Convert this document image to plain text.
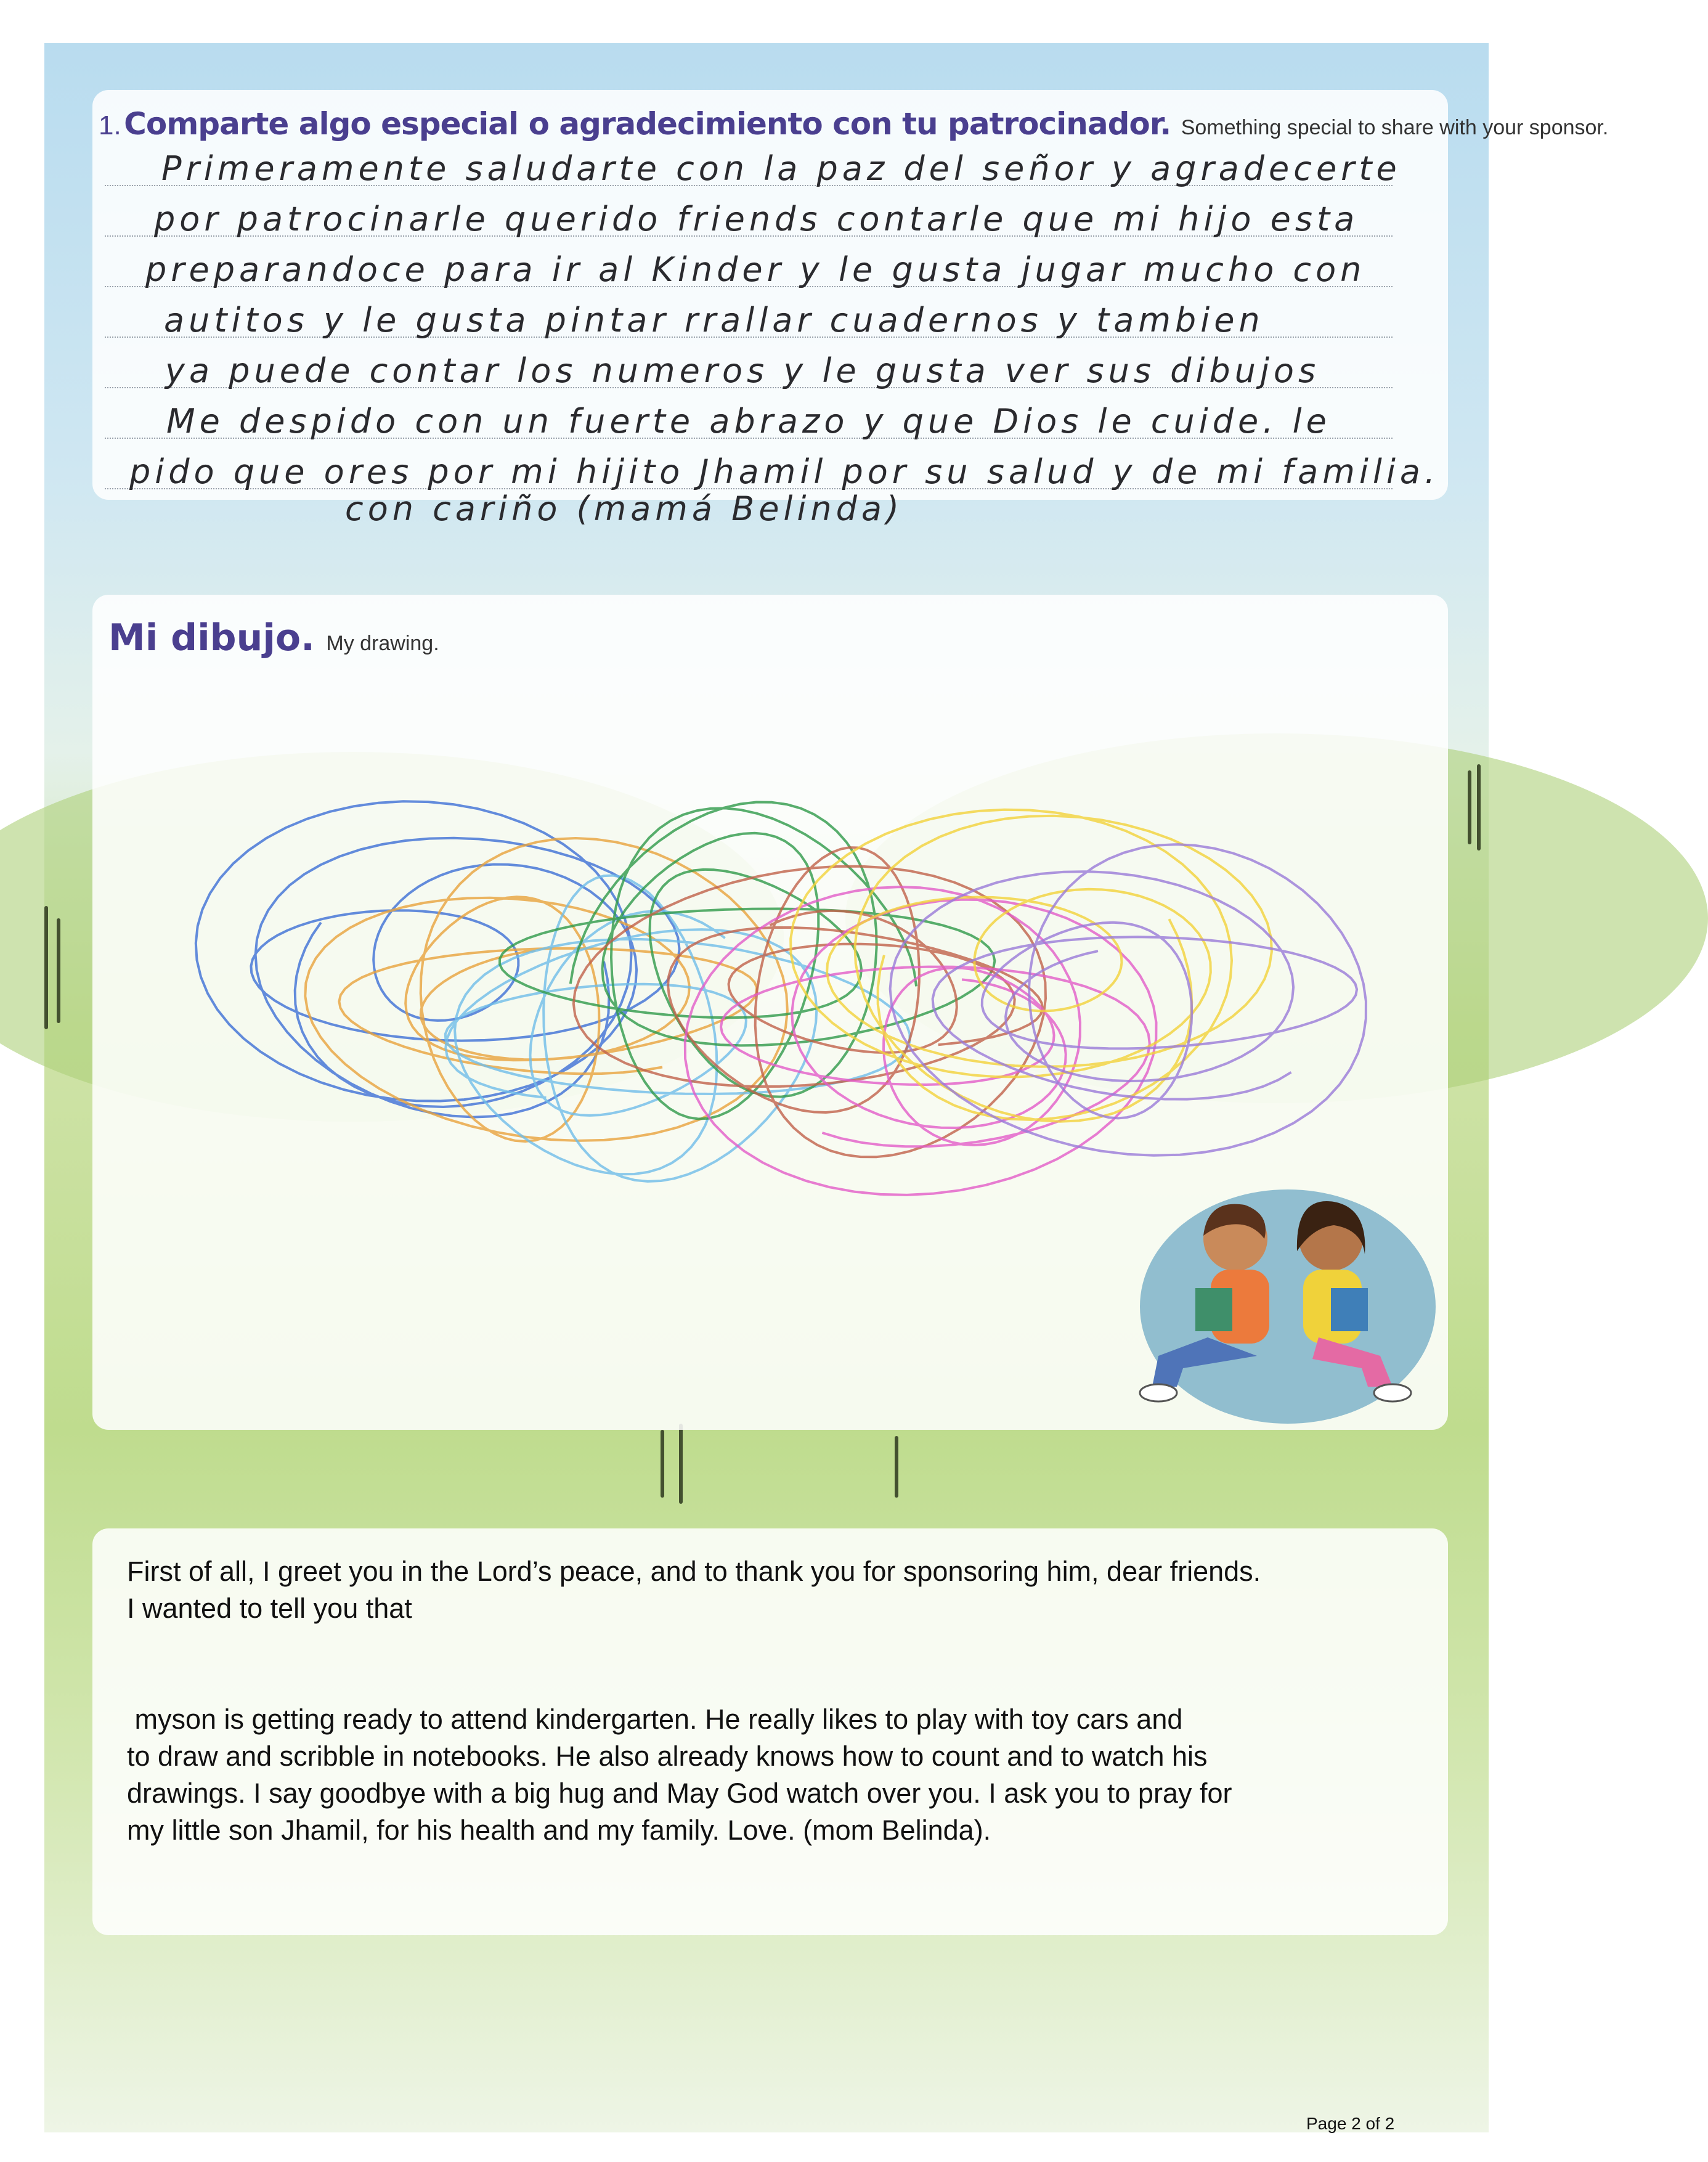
1. Comparte algo especial o agradecimiento con tu patrocinador. Something special to share with your sponsor.
Primeramente saludarte con la paz del señor y agradecerte
por patrocinarle querido friends contarle que mi hijo esta
preparandoce para ir al Kinder y le gusta jugar mucho con
autitos y le gusta pintar rrallar cuadernos y tambien
ya puede contar los numeros y le gusta ver sus dibujos
Me despido con un fuerte abrazo y que Dios le cuide. le
pido que ores por mi hijito Jhamil por su salud y de mi familia.
con cariño (mamá Belinda)
Mi dibujo. My drawing.

First of all, I greet you in the Lord’s peace, and to thank you for sponsoring him, dear friends.
I wanted to tell you that

myson is getting ready to attend kindergarten. He really likes to play with toy cars and
to draw and scribble in notebooks. He also already knows how to count and to watch his
drawings. I say goodbye with a big hug and May God watch over you. I ask you to pray for
my little son Jhamil, for his health and my family. Love. (mom Belinda).

Page 2 of 2
